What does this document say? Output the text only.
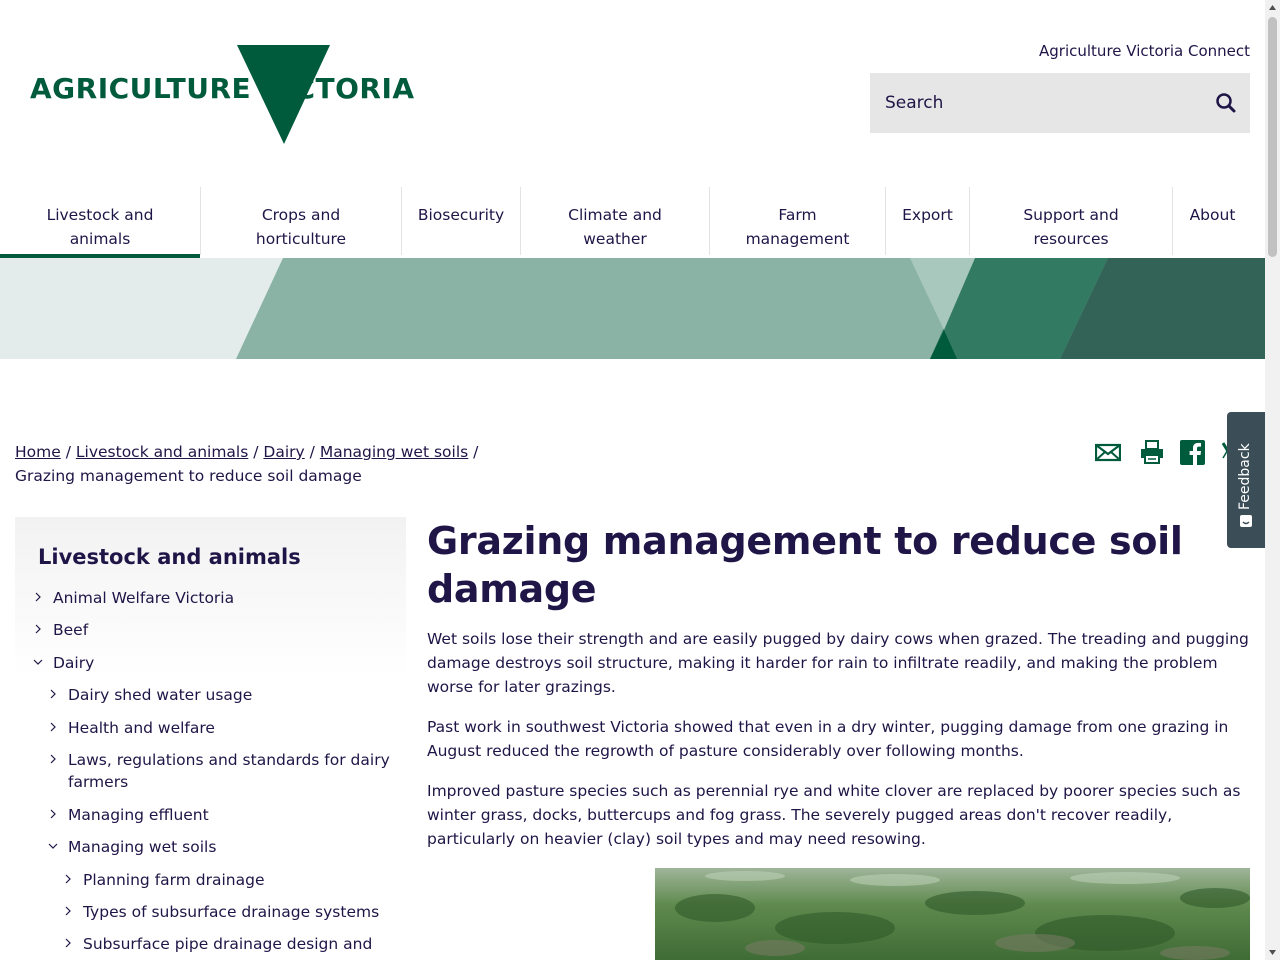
AGRICULTURE VICTORIA
Agriculture Victoria Connect
Search
Livestock and
animals
Crops and
horticulture
Biosecurity	Climate and
weather
Farm
management
Export	Support and
resources
About
Home / Livestock and animals / Dairy / Managing wet soils /
Grazing management to reduce soil damage
Livestock and animals
Animal Welfare Victoria
Beef
Dairy
Dairy shed water usage
Health and welfare
Laws, regulations and standards for dairy
farmers
Managing effluent
Managing wet soils
Planning farm drainage
Types of subsurface drainage systems
Subsurface pipe drainage design and
Grazing management to reduce soil damage

Wet soils lose their strength and are easily pugged by dairy cows when grazed. The treading and pugging damage destroys soil structure, making it harder for rain to infiltrate readily, and making the problem worse for later grazings.

Past work in southwest Victoria showed that even in a dry winter, pugging damage from one grazing in August reduced the regrowth of pasture considerably over following months.

Improved pasture species such as perennial rye and white clover are replaced by poorer species such as winter grass, docks, buttercups and fog grass. The severely pugged areas don't recover readily, particularly on heavier (clay) soil types and may need resowing.

Feedback
